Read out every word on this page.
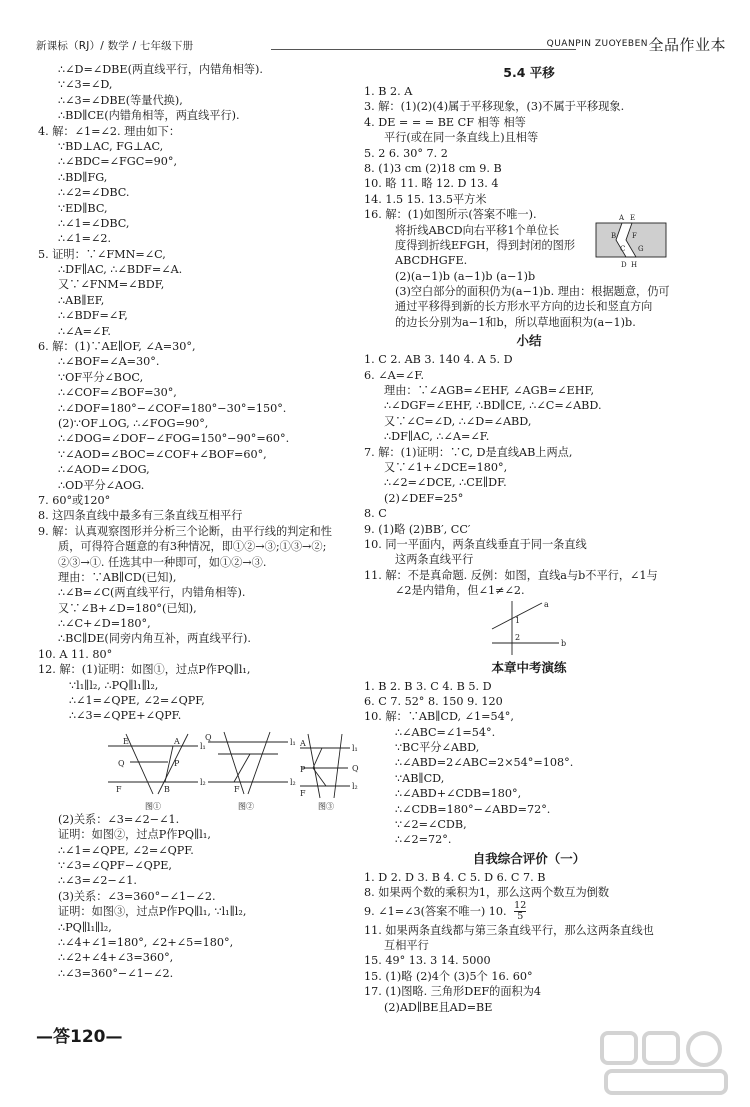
新课标（RJ）/ 数学 / 七年级下册	QUANPIN ZUOYEBEN 全品作业本
∴∠D=∠DBE(两直线平行，内错角相等).
∵∠3=∠D,
∴∠3=∠DBE(等量代换),
∴BD∥CE(内错角相等，两直线平行).
4. 解：∠1=∠2. 理由如下：
∵BD⊥AC, FG⊥AC,
∴∠BDC=∠FGC=90°,
∴BD∥FG,
∴∠2=∠DBC.
∵ED∥BC,
∴∠1=∠DBC,
∴∠1=∠2.
5. 证明：∵∠FMN=∠C,
∴DF∥AC, ∴∠BDF=∠A.
又∵∠FNM=∠BDF,
∴AB∥EF,
∴∠BDF=∠F,
∴∠A=∠F.
6. 解：(1)∵AE∥OF, ∠A=30°,
∴∠BOF=∠A=30°.
∵OF平分∠BOC,
∴∠COF=∠BOF=30°,
∴∠DOF=180°−∠COF=180°−30°=150°.
(2)∵OF⊥OG, ∴∠FOG=90°,
∴∠DOG=∠DOF−∠FOG=150°−90°=60°.
∵∠AOD=∠BOC=∠COF+∠BOF=60°,
∴∠AOD=∠DOG,
∴OD平分∠AOG.
7. 60°或120°
8. 这四条直线中最多有三条直线互相平行
9. 解：认真观察图形并分析三个论断，由平行线的判定和性
质，可得符合题意的有3种情况，即①②→③;①③→②;
②③→①. 任选其中一种即可，如①②→③.
理由：∵AB∥CD(已知),
∴∠B=∠C(两直线平行，内错角相等).
又∵∠B+∠D=180°(已知),
∴∠C+∠D=180°,
∴BC∥DE(同旁内角互补，两直线平行).
10. A 11. 80°
12. 解：(1)证明：如图①，过点P作PQ∥l₁,
∵l₁∥l₂, ∴PQ∥l₁∥l₂,
∴∠1=∠QPE, ∠2=∠QPF,
∴∠3=∠QPE+∠QPF.
E	A
l₁
Q	P
F	B
l₂
Q
l₁
l₂
F
A
l₁
P	Q
F
l₂
图①	图②	图③
(2)关系：∠3=∠2−∠1.
证明：如图②，过点P作PQ∥l₁,
∴∠1=∠QPE, ∠2=∠QPF.
∵∠3=∠QPF−∠QPE,
∴∠3=∠2−∠1.
(3)关系：∠3=360°−∠1−∠2.
证明：如图③，过点P作PQ∥l₁, ∵l₁∥l₂,
∴PQ∥l₁∥l₂,
∴∠4+∠1=180°, ∠2+∠5=180°,
∴∠2+∠4+∠3=360°,
∴∠3=360°−∠1−∠2.
5.4 平移
1. B 2. A
3. 解：(1)(2)(4)属于平移现象，(3)不属于平移现象.
4. DE = = = BE CF 相等 相等
平行(或在同一条直线上)且相等
5. 2 6. 30° 7. 2
8. (1)3 cm (2)18 cm 9. B
10. 略 11. 略 12. D 13. 4
14. 1.5 15. 13.5平方米
16. 解：(1)如图所示(答案不唯一).
将折线ABCD向右平移1个单位长
度得到折线EFGH，得到封闭的图形
ABCDHGFE.
A E
B F
C G
D H
(2)(a−1)b (a−1)b (a−1)b
(3)空白部分的面积仍为(a−1)b. 理由：根据题意，仍可
通过平移得到新的长方形水平方向的边长和竖直方向
的边长分别为a−1和b，所以草地面积为(a−1)b.
小结
1. C 2. AB 3. 140 4. A 5. D
6. ∠A=∠F.
理由：∵∠AGB=∠EHF, ∠AGB=∠EHF,
∴∠DGF=∠EHF, ∴BD∥CE, ∴∠C=∠ABD.
又∵∠C=∠D, ∴∠D=∠ABD,
∴DF∥AC, ∴∠A=∠F.
7. 解：(1)证明：∵C, D是直线AB上两点,
又∵∠1+∠DCE=180°,
∴∠2=∠DCE, ∴CE∥DF.
(2)∠DEF=25°
8. C
9. (1)略 (2)BB′, CC′
10. 同一平面内，两条直线垂直于同一条直线
这两条直线平行
11. 解：不是真命题. 反例：如图，直线a与b不平行，∠1与
∠2是内错角，但∠1≠∠2.
a
b
1
2
本章中考演练
1. B 2. B 3. C 4. B 5. D
6. C 7. 52° 8. 150 9. 120
10. 解：∵AB∥CD, ∠1=54°,
∴∠ABC=∠1=54°.
∵BC平分∠ABD,
∴∠ABD=2∠ABC=2×54°=108°.
∵AB∥CD,
∴∠ABD+∠CDB=180°,
∴∠CDB=180°−∠ABD=72°.
∵∠2=∠CDB,
∴∠2=72°.
自我综合评价（一）
1. D 2. D 3. B 4. C 5. D 6. C 7. B
8. 如果两个数的乘积为1，那么这两个数互为倒数
9. ∠1=∠3(答案不唯一) 10. $\frac{12}{5}$
11. 如果两条直线都与第三条直线平行，那么这两条直线也
互相平行
15. 49° 13. 3 14. 5000
15. (1)略 (2)4个 (3)5个 16. 60°
17. (1)图略. 三角形DEF的面积为4
(2)AD∥BE且AD=BE
—答120—
